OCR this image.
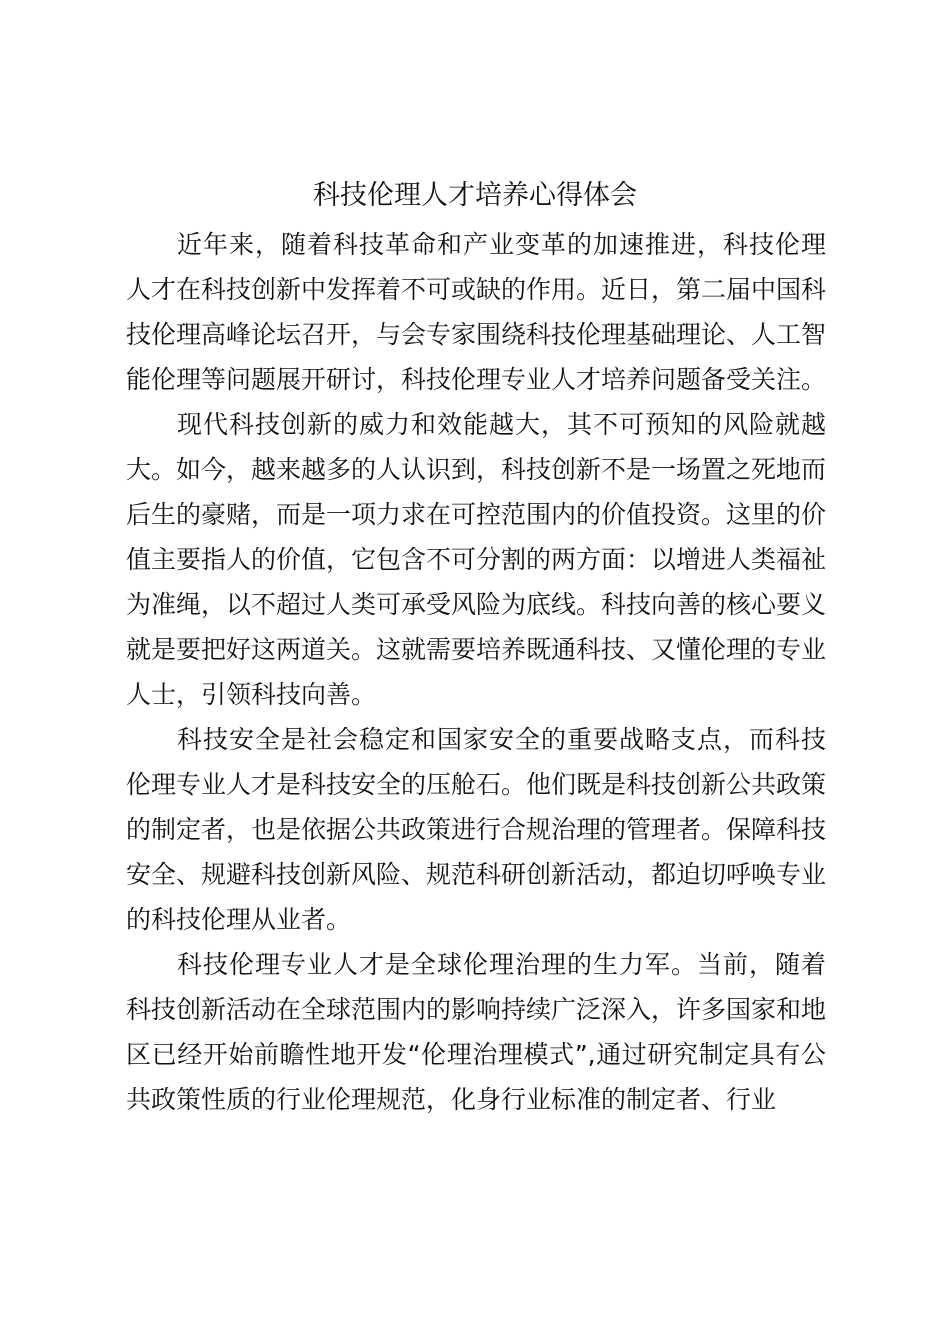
科技伦理人才培养心得体会

近年来，随着科技革命和产业变革的加速推进，科技伦理人才在科技创新中发挥着不可或缺的作用。近日，第二届中国科技伦理高峰论坛召开，与会专家围绕科技伦理基础理论、人工智能伦理等问题展开研讨，科技伦理专业人才培养问题备受关注。

现代科技创新的威力和效能越大，其不可预知的风险就越大。如今，越来越多的人认识到，科技创新不是一场置之死地而后生的豪赌，而是一项力求在可控范围内的价值投资。这里的价值主要指人的价值，它包含不可分割的两方面：以增进人类福祉为准绳，以不超过人类可承受风险为底线。科技向善的核心要义就是要把好这两道关。这就需要培养既通科技、又懂伦理的专业人士，引领科技向善。

科技安全是社会稳定和国家安全的重要战略支点，而科技伦理专业人才是科技安全的压舱石。他们既是科技创新公共政策的制定者，也是依据公共政策进行合规治理的管理者。保障科技安全、规避科技创新风险、规范科研创新活动，都迫切呼唤专业的科技伦理从业者。

科技伦理专业人才是全球伦理治理的生力军。当前，随着科技创新活动在全球范围内的影响持续广泛深入，许多国家和地区已经开始前瞻性地开发“伦理治理模式”,通过研究制定具有公共政策性质的行业伦理规范，化身行业标准的制定者、行业
